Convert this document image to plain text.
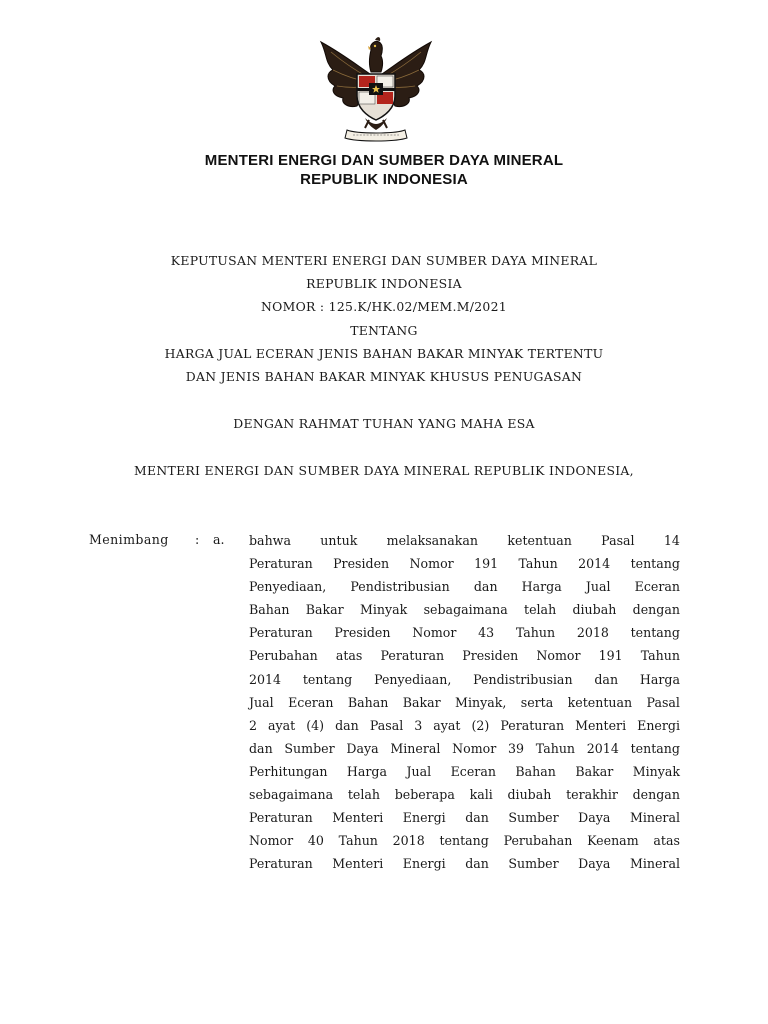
MENTERI ENERGI DAN SUMBER DAYA MINERAL
REPUBLIK INDONESIA
KEPUTUSAN MENTERI ENERGI DAN SUMBER DAYA MINERAL
REPUBLIK INDONESIA
NOMOR : 125.K/HK.02/MEM.M/2021
TENTANG
HARGA JUAL ECERAN JENIS BAHAN BAKAR MINYAK TERTENTU
DAN JENIS BAHAN BAKAR MINYAK KHUSUS PENUGASAN
DENGAN RAHMAT TUHAN YANG MAHA ESA
MENTERI ENERGI DAN SUMBER DAYA MINERAL REPUBLIK INDONESIA,
Menimbang : a. bahwa untuk melaksanakan ketentuan Pasal 14
Peraturan Presiden Nomor 191 Tahun 2014 tentang
Penyediaan, Pendistribusian dan Harga Jual Eceran
Bahan Bakar Minyak sebagaimana telah diubah dengan
Peraturan Presiden Nomor 43 Tahun 2018 tentang
Perubahan atas Peraturan Presiden Nomor 191 Tahun
2014 tentang Penyediaan, Pendistribusian dan Harga
Jual Eceran Bahan Bakar Minyak, serta ketentuan Pasal
2 ayat (4) dan Pasal 3 ayat (2) Peraturan Menteri Energi
dan Sumber Daya Mineral Nomor 39 Tahun 2014 tentang
Perhitungan Harga Jual Eceran Bahan Bakar Minyak
sebagaimana telah beberapa kali diubah terakhir dengan
Peraturan Menteri Energi dan Sumber Daya Mineral
Nomor 40 Tahun 2018 tentang Perubahan Keenam atas
Peraturan Menteri Energi dan Sumber Daya Mineral
